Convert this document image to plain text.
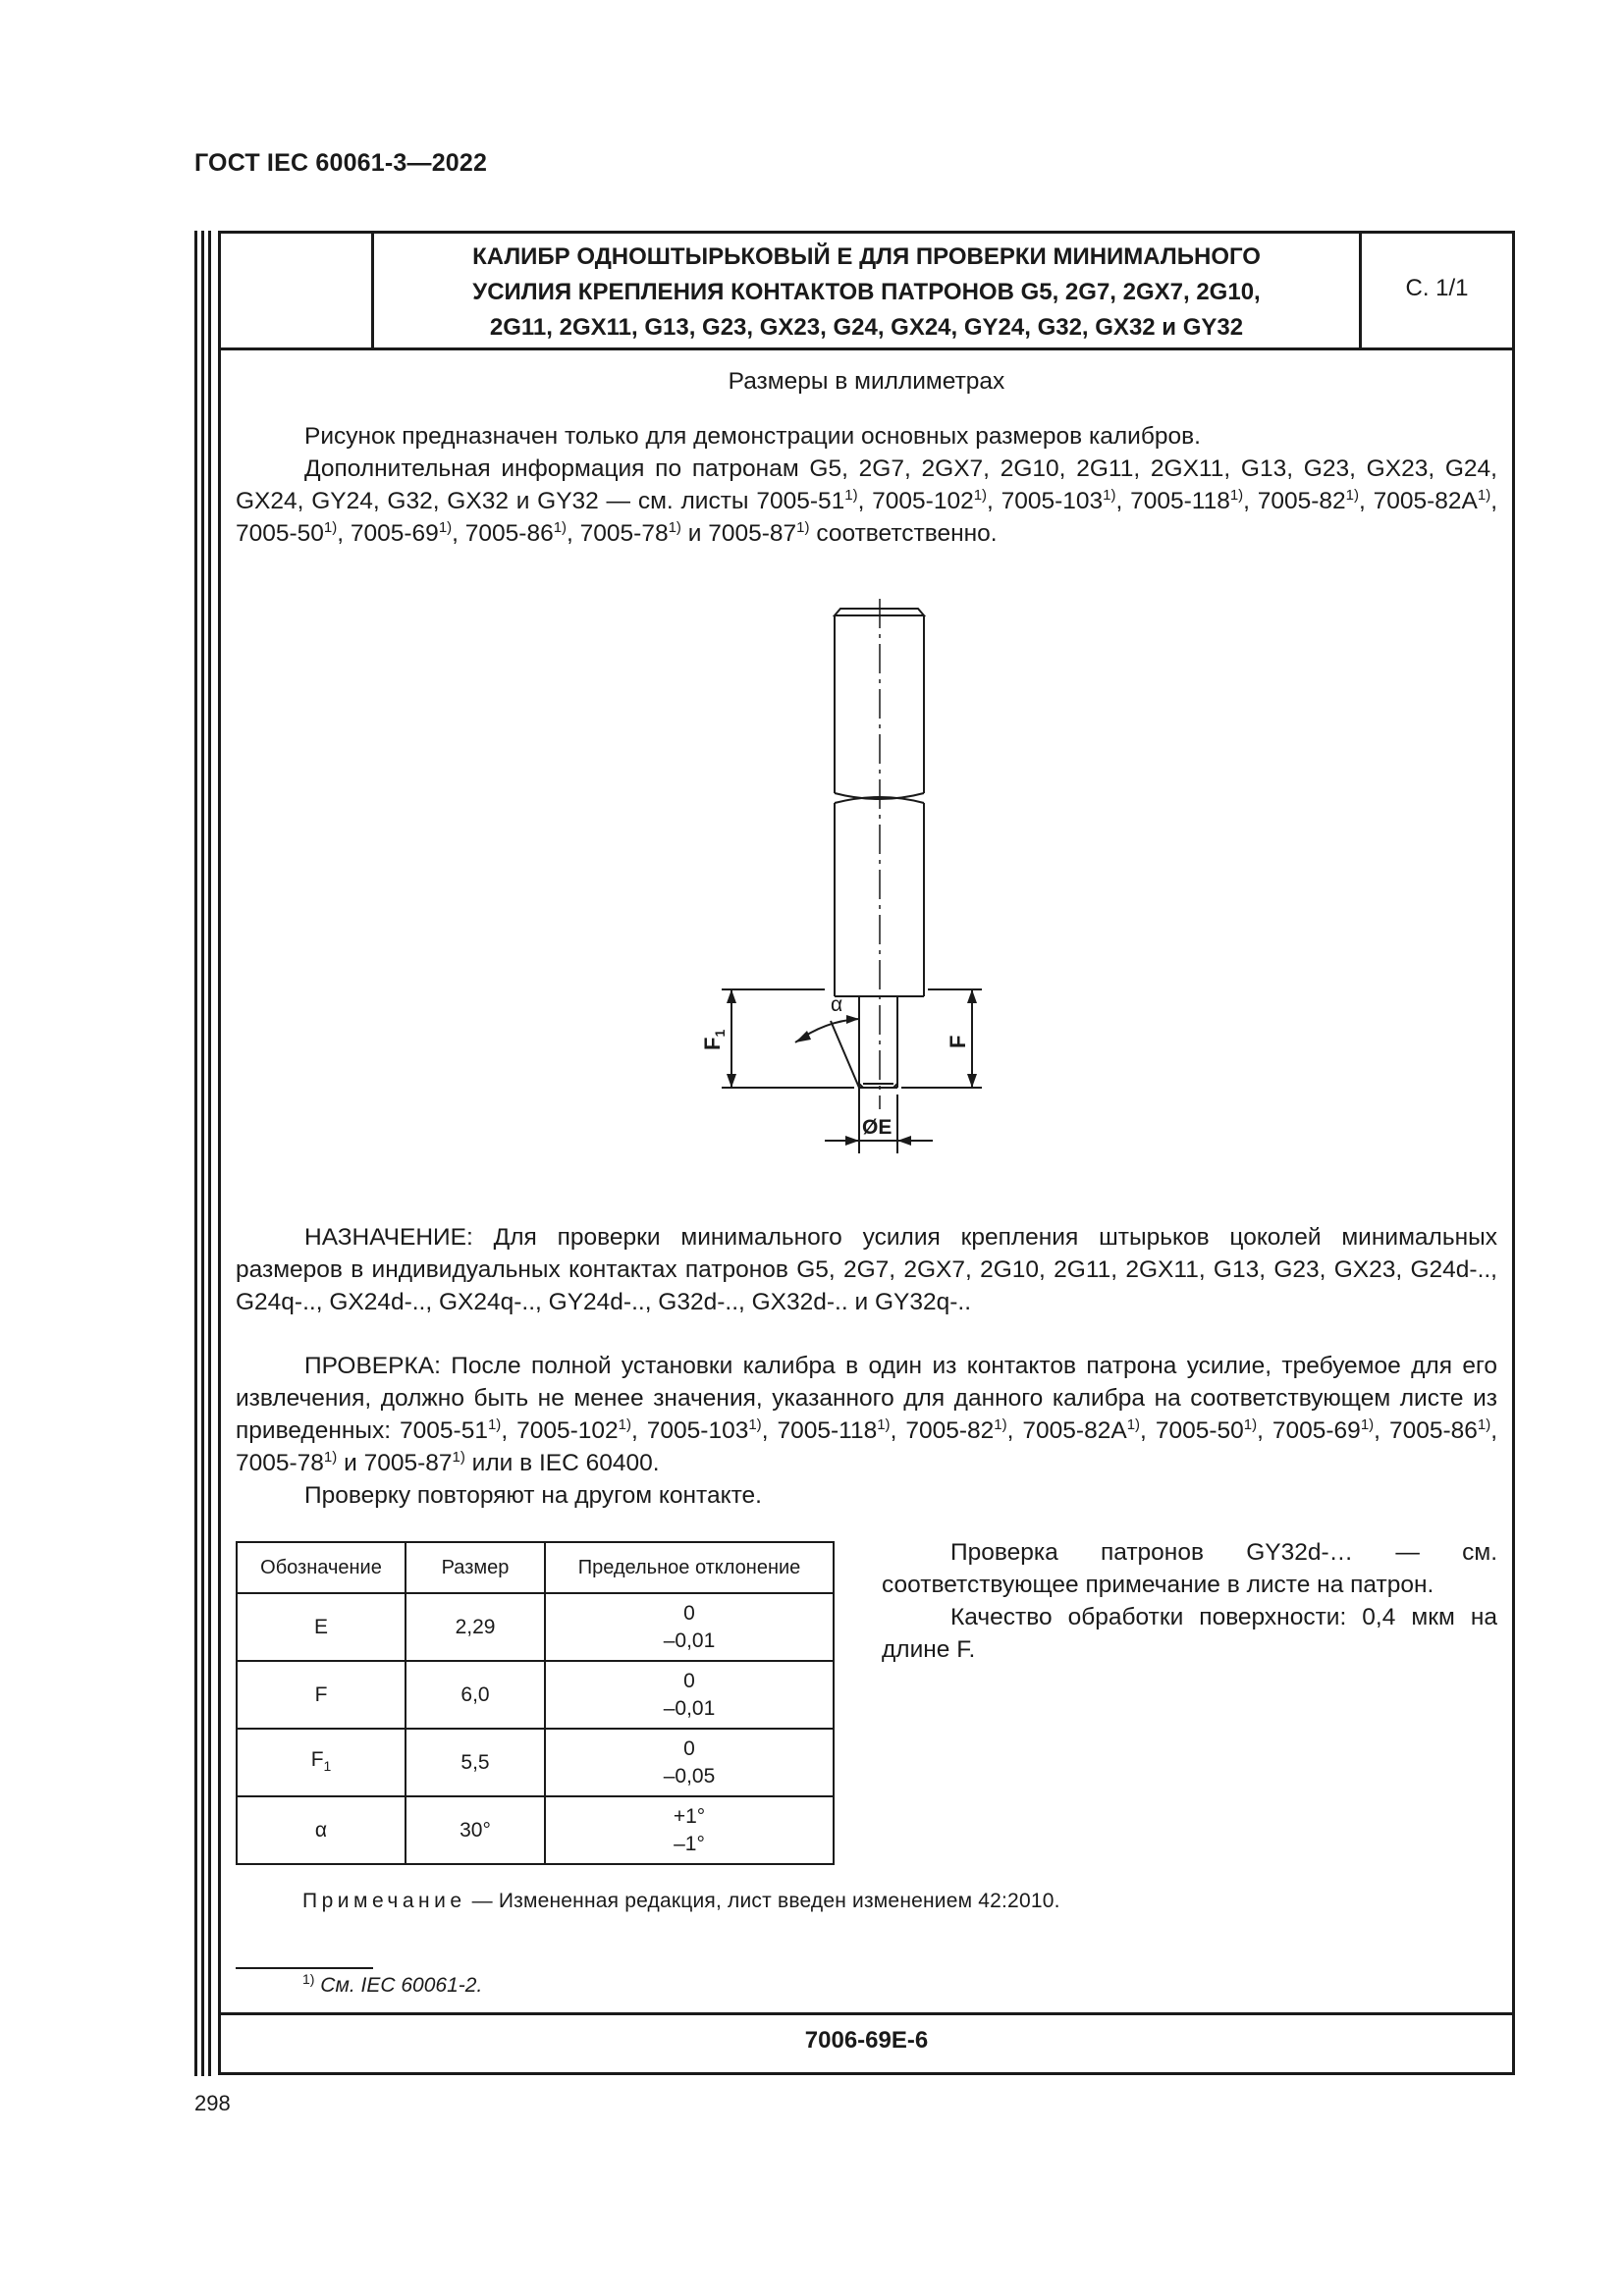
ГОСТ IEC 60061-3—2022
КАЛИБР ОДНОШТЫРЬКОВЫЙ E ДЛЯ ПРОВЕРКИ МИНИМАЛЬНОГО
УСИЛИЯ КРЕПЛЕНИЯ КОНТАКТОВ ПАТРОНОВ G5, 2G7, 2GX7, 2G10,
2G11, 2GX11, G13, G23, GX23, G24, GX24, GY24, G32, GX32 и GY32
С. 1/1
Размеры в миллиметрах

Рисунок предназначен только для демонстрации основных размеров калибров.

Дополнительная информация по патронам G5, 2G7, 2GX7, 2G10, 2G11, 2GX11, G13, G23, GX23, G24, GX24, GY24, G32, GX32 и GY32 — см. листы 7005-51$^{1)}$, 7005-102$^{1)}$, 7005-103$^{1)}$, 7005-118$^{1)}$, 7005-82$^{1)}$, $7005-82A^{1)}$, 7005-50$^{1)}$, 7005-69$^{1)}$, 7005-86$^{1)}$, 7005-78$^{1)}$ и 7005-87$^{1)}$ соответственно.

α
$F_1$
F
ØE

НАЗНАЧЕНИЕ: Для проверки минимального усилия крепления штырьков цоколей минимальных размеров в индивидуальных контактах патронов G5, 2G7, 2GX7, 2G10, 2G11, 2GX11, G13, G23, GX23, G24d-.., G24q-.., GX24d-.., GX24q-.., GY24d-.., G32d-.., GX32d-.. и GY32q-..

ПРОВЕРКА: После полной установки калибра в один из контактов патрона усилие, требуемое для его извлечения, должно быть не менее значения, указанного для данного калибра на соответствующем листе из приведенных: 7005-51$^{1)}$, 7005-102$^{1)}$, 7005-103$^{1)}$, 7005-118$^{1)}$, 7005-82$^{1)}$, $7005-82A^{1)}$, 7005-50$^{1)}$, 7005-69$^{1)}$, 7005-86$^{1)}$, 7005-78$^{1)}$ и 7005-87$^{1)}$ или в IEC 60400.

Проверку повторяют на другом контакте.

Обозначение	Размер	Предельное отклонение
E	2,29	0
–0,01

F	6,0	0
–0,01

$F_1$	5,5	0
–0,05

α	30°	+1°
–1°

Проверка патронов GY32d-… — см. соответствующее примечание в листе на патрон.

Качество обработки поверхности: 0,4 мкм на длине F.

Примечание — Измененная редакция, лист введен изменением 42:2010.
$^{1)}$ См. IEC 60061-2.
7006-69E-6
298
